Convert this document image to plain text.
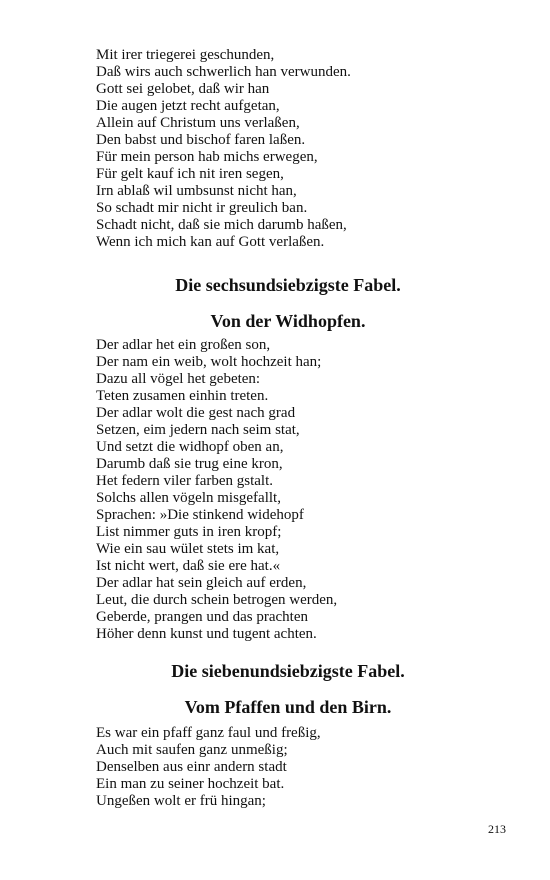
Mit irer triegerei geschunden,
Daß wirs auch schwerlich han verwunden.
Gott sei gelobet, daß wir han
Die augen jetzt recht aufgetan,
Allein auf Christum uns verlaßen,
Den babst und bischof faren laßen.
Für mein person hab michs erwegen,
Für gelt kauf ich nit iren segen,
Irn ablaß wil umbsunst nicht han,
So schadt mir nicht ir greulich ban.
Schadt nicht, daß sie mich darumb haßen,
Wenn ich mich kan auf Gott verlaßen.
Die sechsundsiebzigste Fabel.
Von der Widhopfen.
Der adlar het ein großen son,
Der nam ein weib, wolt hochzeit han;
Dazu all vögel het gebeten:
Teten zusamen einhin treten.
Der adlar wolt die gest nach grad
Setzen, eim jedern nach seim stat,
Und setzt die widhopf oben an,
Darumb daß sie trug eine kron,
Het federn viler farben gstalt.
Solchs allen vögeln misgefallt,
Sprachen: »Die stinkend widehopf
List nimmer guts in iren kropf;
Wie ein sau wület stets im kat,
Ist nicht wert, daß sie ere hat.«
Der adlar hat sein gleich auf erden,
Leut, die durch schein betrogen werden,
Geberde, prangen und das prachten
Höher denn kunst und tugent achten.
Die siebenundsiebzigste Fabel.
Vom Pfaffen und den Birn.
Es war ein pfaff ganz faul und freßig,
Auch mit saufen ganz unmeßig;
Denselben aus einr andern stadt
Ein man zu seiner hochzeit bat.
Ungeßen wolt er frü hingan;
213
